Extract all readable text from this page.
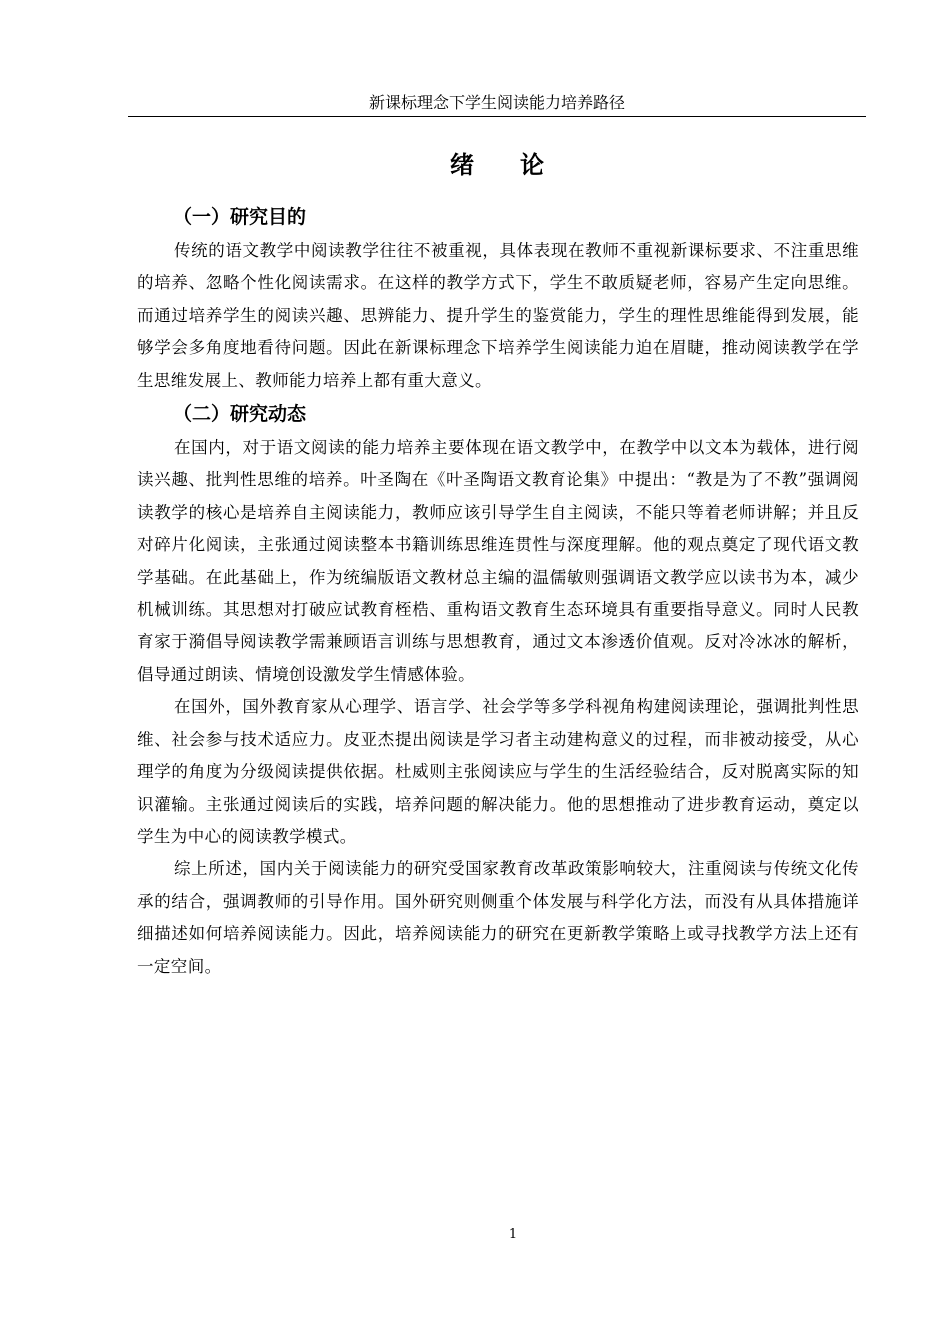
新课标理念下学生阅读能力培养路径
绪论
（一）研究目的

传统的语文教学中阅读教学往往不被重视，具体表现在教师不重视新课标要求、不注重思维的培养、忽略个性化阅读需求。在这样的教学方式下，学生不敢质疑老师，容易产生定向思维。而通过培养学生的阅读兴趣、思辨能力、提升学生的鉴赏能力，学生的理性思维能得到发展，能够学会多角度地看待问题。因此在新课标理念下培养学生阅读能力迫在眉睫，推动阅读教学在学生思维发展上、教师能力培养上都有重大意义。

（二）研究动态

在国内，对于语文阅读的能力培养主要体现在语文教学中，在教学中以文本为载体，进行阅读兴趣、批判性思维的培养。叶圣陶在《叶圣陶语文教育论集》中提出：“教是为了不教”强调阅读教学的核心是培养自主阅读能力，教师应该引导学生自主阅读，不能只等着老师讲解；并且反对碎片化阅读，主张通过阅读整本书籍训练思维连贯性与深度理解。他的观点奠定了现代语文教学基础。在此基础上，作为统编版语文教材总主编的温儒敏则强调语文教学应以读书为本，减少机械训练。其思想对打破应试教育桎梏、重构语文教育生态环境具有重要指导意义。同时人民教育家于漪倡导阅读教学需兼顾语言训练与思想教育，通过文本渗透价值观。反对冷冰冰的解析，倡导通过朗读、情境创设激发学生情感体验。

在国外，国外教育家从心理学、语言学、社会学等多学科视角构建阅读理论，强调批判性思维、社会参与技术适应力。皮亚杰提出阅读是学习者主动建构意义的过程，而非被动接受，从心理学的角度为分级阅读提供依据。杜威则主张阅读应与学生的生活经验结合，反对脱离实际的知识灌输。主张通过阅读后的实践，培养问题的解决能力。他的思想推动了进步教育运动，奠定以学生为中心的阅读教学模式。

综上所述，国内关于阅读能力的研究受国家教育改革政策影响较大，注重阅读与传统文化传承的结合，强调教师的引导作用。国外研究则侧重个体发展与科学化方法，而没有从具体措施详细描述如何培养阅读能力。因此，培养阅读能力的研究在更新教学策略上或寻找教学方法上还有一定空间。

1
